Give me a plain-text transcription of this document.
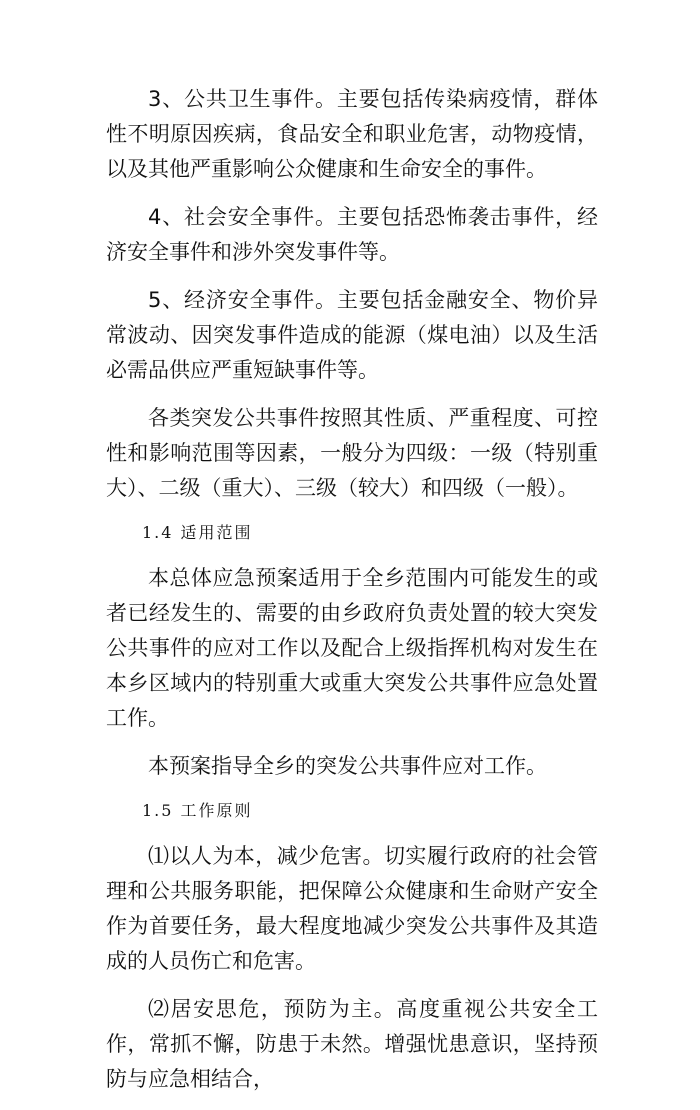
3、公共卫生事件。主要包括传染病疫情，群体性不明原因疾病，食品安全和职业危害，动物疫情，以及其他严重影响公众健康和生命安全的事件。

4、社会安全事件。主要包括恐怖袭击事件，经济安全事件和涉外突发事件等。

5、经济安全事件。主要包括金融安全、物价异常波动、因突发事件造成的能源（煤电油）以及生活必需品供应严重短缺事件等。

各类突发公共事件按照其性质、严重程度、可控性和影响范围等因素，一般分为四级：一级（特别重大）、二级（重大）、三级（较大）和四级（一般）。

1.4 适用范围

本总体应急预案适用于全乡范围内可能发生的或者已经发生的、需要的由乡政府负责处置的较大突发公共事件的应对工作以及配合上级指挥机构对发生在本乡区域内的特别重大或重大突发公共事件应急处置工作。

本预案指导全乡的突发公共事件应对工作。

1.5 工作原则

⑴以人为本，减少危害。切实履行政府的社会管理和公共服务职能，把保障公众健康和生命财产安全作为首要任务，最大程度地减少突发公共事件及其造成的人员伤亡和危害。

⑵居安思危，预防为主。高度重视公共安全工作，常抓不懈，防患于未然。增强忧患意识，坚持预防与应急相结合，
